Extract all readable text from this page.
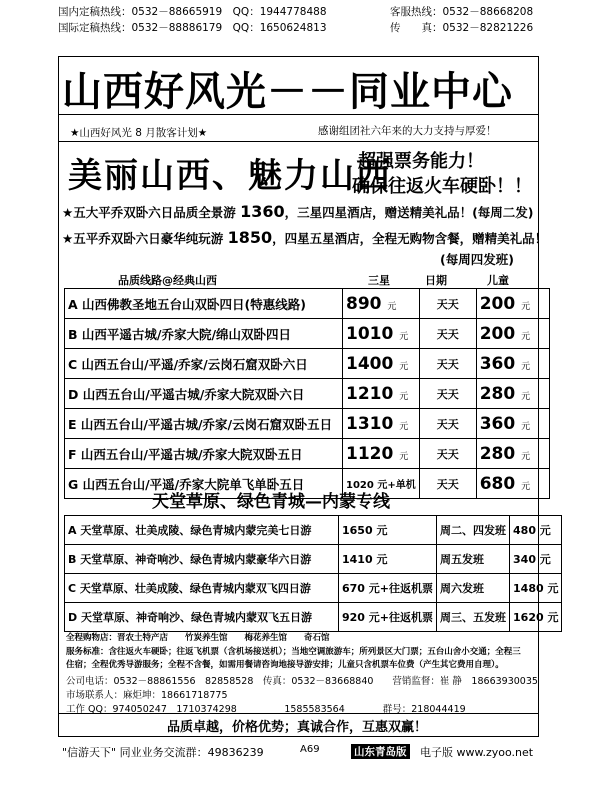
国内定稿热线：0532－88665919　QQ：1944778488
国际定稿热线：0532－88886179　QQ：1650624813
客服热线：0532－88668208
传　　真：0532－82821226
山西好风光－－同业中心
★山西好风光 8 月散客计划★	感谢组团社六年来的大力支持与厚爱！
美丽山西、魅力山西
超强票务能力！
确保往返火车硬卧！！
★五大平乔双卧六日品质全景游 1360，三星四星酒店，赠送精美礼品！(每周二发)
★五平乔双卧六日豪华纯玩游 1850，四星五星酒店，全程无购物含餐，赠精美礼品！
(每周四发班)
品质线路@经典山西	三星	日期	儿童
A 山西佛教圣地五台山双卧四日(特惠线路)	890 元	天天	200 元
B 山西平遥古城/乔家大院/绵山双卧四日	1010 元	天天	200 元
C 山西五台山/平遥/乔家/云岗石窟双卧六日	1400 元	天天	360 元
D 山西五台山/平遥古城/乔家大院双卧六日	1210 元	天天	280 元
E 山西五台山/平遥古城/乔家/云岗石窟双卧五日	1310 元	天天	360 元
F 山西五台山/平遥古城/乔家大院双卧五日	1120 元	天天	280 元
G 山西五台山/平遥/乔家大院单飞单卧五日	1020 元+单机	天天	680 元
天堂草原、绿色青城—内蒙专线
A 天堂草原、壮美成陵、绿色青城内蒙完美七日游	1650 元	周二、四发班	480 元
B 天堂草原、神奇响沙、绿色青城内蒙豪华六日游	1410 元	周五发班	340 元
C 天堂草原、壮美成陵、绿色青城内蒙双飞四日游	670 元+往返机票	周六发班	1480 元
D 天堂草原、神奇响沙、绿色青城内蒙双飞五日游	920 元+往返机票	周三、五发班	1620 元
全程购物店：晋农土特产店　　竹炭养生馆　　梅花养生馆　　奇石馆
服务标准：含往返火车硬卧；往返飞机票（含机场接送机）；当地空调旅游车；所列景区大门票；五台山舍小交通；全程三
住宿；全程优秀导游服务；全程不含餐，如需用餐请咨询地接导游安排；儿童只含机票车位费（产生其它费用自理）。
公司电话：0532－88861556　82858528　传真：0532－83668840　　营销监督：崔 静　18663930035
市场联系人：麻炬坤：18661718775
工作 QQ：974050247　1710374298　　　　　1585583564　　　　群号：218044419
品质卓越，价格优势；真诚合作，互惠双赢！
"信游天下" 同业业务交流群：49836239	A69	山东青岛版 电子版 www.zyoo.net
